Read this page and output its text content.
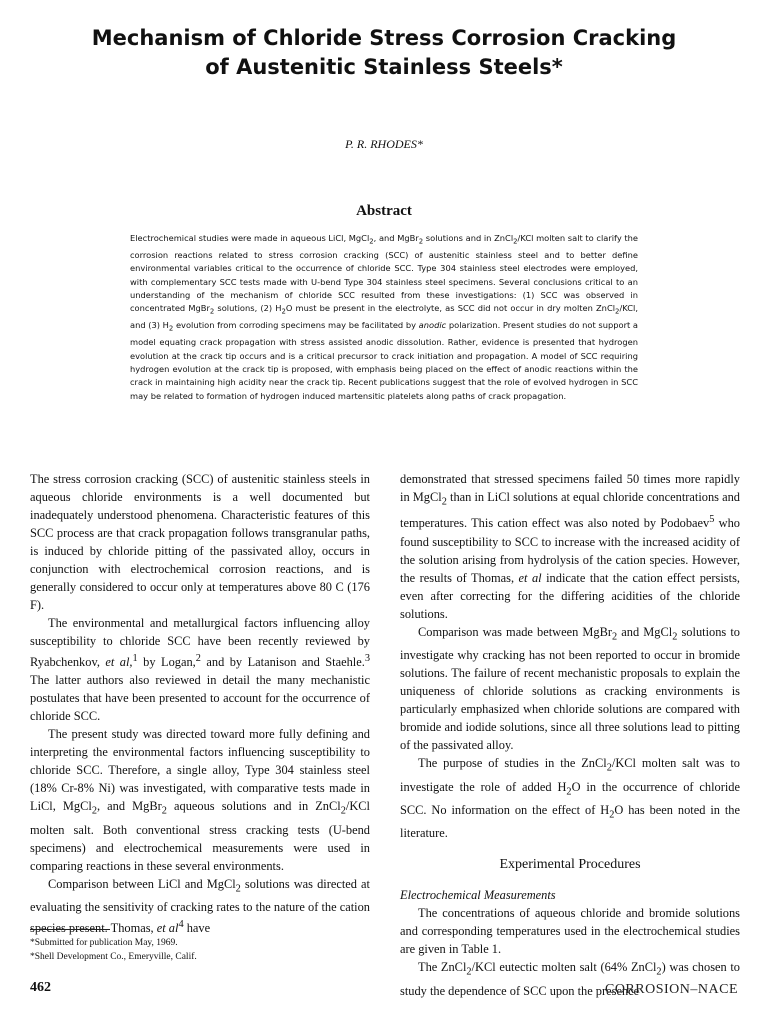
Mechanism of Chloride Stress Corrosion Cracking
of Austenitic Stainless Steels*
P. R. RHODES*
Abstract
Electrochemical studies were made in aqueous LiCl, MgCl$_2$, and MgBr$_2$ solutions and in ZnCl$_2$/KCl molten salt to clarify the corrosion reactions related to stress corrosion cracking (SCC) of austenitic stainless steel and to better define environmental variables critical to the occurrence of chloride SCC. Type 304 stainless steel electrodes were employed, with complementary SCC tests made with U-bend Type 304 stainless steel specimens. Several conclusions critical to an understanding of the mechanism of chloride SCC resulted from these investigations: (1) SCC was observed in concentrated MgBr$_2$ solutions, (2) $H_2O$ must be present in the electrolyte, as SCC did not occur in dry molten ZnCl$_2$/KCl, and (3) $H_2$ evolution from corroding specimens may be facilitated by anodic polarization. Present studies do not support a model equating crack propagation with stress assisted anodic dissolution. Rather, evidence is presented that hydrogen evolution at the crack tip occurs and is a critical precursor to crack initiation and propagation. A model of SCC requiring hydrogen evolution at the crack tip is proposed, with emphasis being placed on the effect of anodic reactions within the crack in maintaining high acidity near the crack tip. Recent publications suggest that the role of evolved hydrogen in SCC may be related to formation of hydrogen induced martensitic platelets along paths of crack propagation.

The stress corrosion cracking (SCC) of austenitic stainless steels in aqueous chloride environments is a well documented but inadequately understood phenomena. Characteristic features of this SCC process are that crack propagation follows transgranular paths, is induced by chloride pitting of the passivated alloy, occurs in conjunction with electrochemical corrosion reactions, and is generally considered to occur only at temperatures above 80 C (176 F).

The environmental and metallurgical factors influencing alloy susceptibility to chloride SCC have been recently reviewed by Ryabchenkov, et al,$^1$ by Logan,$^2$ and by Latanison and Staehle.$^3$ The latter authors also reviewed in detail the many mechanistic postulates that have been presented to account for the occurrence of chloride SCC.

The present study was directed toward more fully defining and interpreting the environmental factors influencing susceptibility to chloride SCC. Therefore, a single alloy, Type 304 stainless steel (18% Cr-8% Ni) was investigated, with comparative tests made in LiCl, MgCl$_2$, and MgBr$_2$ aqueous solutions and in ZnCl$_2$/KCl molten salt. Both conventional stress cracking tests (U-bend specimens) and electrochemical measurements were used in comparing reactions in these several environments.

Comparison between LiCl and MgCl$_2$ solutions was directed at evaluating the sensitivity of cracking rates to the nature of the cation species present. Thomas, et $al^4$ have

*Submitted for publication May, 1969.
*Shell Development Co., Emeryville, Calif.

demonstrated that stressed specimens failed 50 times more rapidly in MgCl$_2$ than in LiCl solutions at equal chloride concentrations and temperatures. This cation effect was also noted by Podobaev$^5$ who found susceptibility to SCC to increase with the increased acidity of the solution arising from hydrolysis of the cation species. However, the results of Thomas, et al indicate that the cation effect persists, even after correcting for the differing acidities of the chloride solutions.

Comparison was made between MgBr$_2$ and MgCl$_2$ solutions to investigate why cracking has not been reported to occur in bromide solutions. The failure of recent mechanistic proposals to explain the uniqueness of chloride solutions as cracking environments is particularly emphasized when chloride solutions are compared with bromide and iodide solutions, since all three solutions lead to pitting of the passivated alloy.

The purpose of studies in the ZnCl$_2$/KCl molten salt was to investigate the role of added $H_2O$ in the occurrence of chloride SCC. No information on the effect of $H_2O$ has been noted in the literature.

Experimental Procedures
Electrochemical Measurements

The concentrations of aqueous chloride and bromide solutions and corresponding temperatures used in the electrochemical studies are given in Table 1.

The ZnCl$_2$/KCl eutectic molten salt (64% ZnCl$_2$) was chosen to study the dependence of SCC upon the presence

462	CORROSION–NACE
